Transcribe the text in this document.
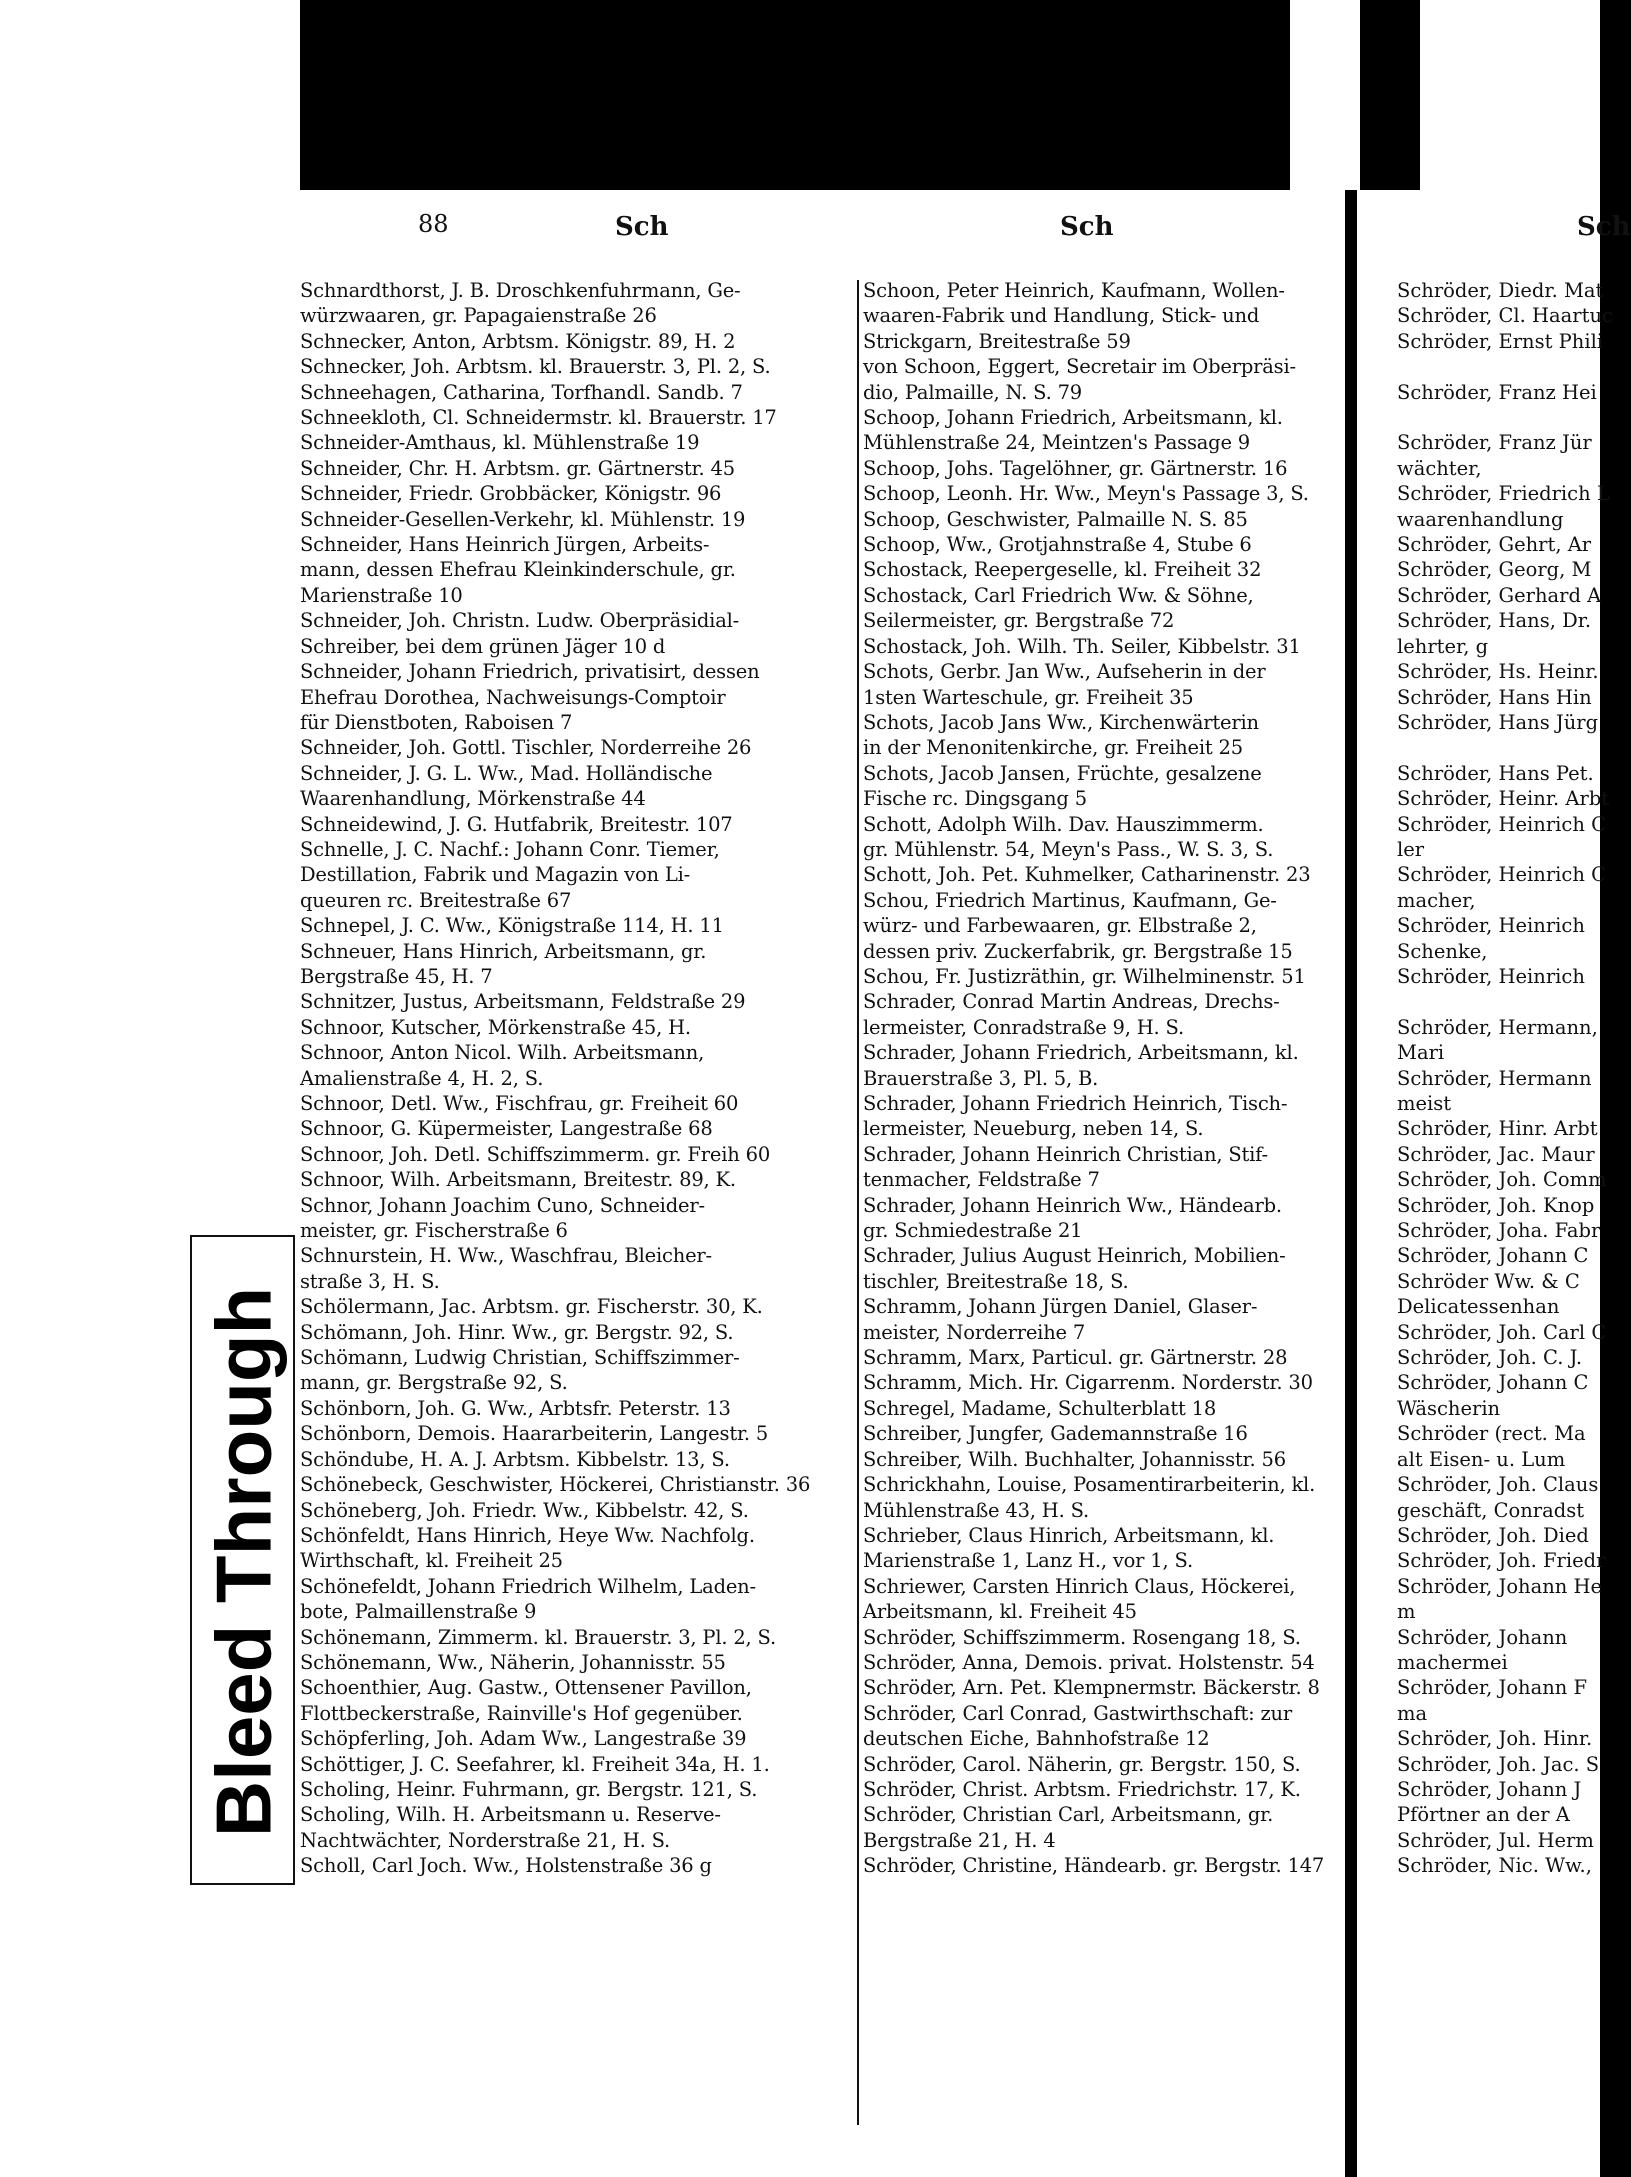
Bleed Through
88	Sch	Sch
Schnardthorst, J. B. Droschkenfuhrmann, Ge-
würzwaaren, gr. Papagaienstraße 26
Schnecker, Anton, Arbtsm. Königstr. 89, H. 2
Schnecker, Joh. Arbtsm. kl. Brauerstr. 3, Pl. 2, S.
Schneehagen, Catharina, Torfhandl. Sandb. 7
Schneekloth, Cl. Schneidermstr. kl. Brauerstr. 17
Schneider-Amthaus, kl. Mühlenstraße 19
Schneider, Chr. H. Arbtsm. gr. Gärtnerstr. 45
Schneider, Friedr. Grobbäcker, Königstr. 96
Schneider-Gesellen-Verkehr, kl. Mühlenstr. 19
Schneider, Hans Heinrich Jürgen, Arbeits-
mann, dessen Ehefrau Kleinkinderschule, gr.
Marienstraße 10
Schneider, Joh. Christn. Ludw. Oberpräsidial-
Schreiber, bei dem grünen Jäger 10 d
Schneider, Johann Friedrich, privatisirt, dessen
Ehefrau Dorothea, Nachweisungs-Comptoir
für Dienstboten, Raboisen 7
Schneider, Joh. Gottl. Tischler, Norderreihe 26
Schneider, J. G. L. Ww., Mad. Holländische
Waarenhandlung, Mörkenstraße 44
Schneidewind, J. G. Hutfabrik, Breitestr. 107
Schnelle, J. C. Nachf.: Johann Conr. Tiemer,
Destillation, Fabrik und Magazin von Li-
queuren rc. Breitestraße 67
Schnepel, J. C. Ww., Königstraße 114, H. 11
Schneuer, Hans Hinrich, Arbeitsmann, gr.
Bergstraße 45, H. 7
Schnitzer, Justus, Arbeitsmann, Feldstraße 29
Schnoor, Kutscher, Mörkenstraße 45, H.
Schnoor, Anton Nicol. Wilh. Arbeitsmann,
Amalienstraße 4, H. 2, S.
Schnoor, Detl. Ww., Fischfrau, gr. Freiheit 60
Schnoor, G. Küpermeister, Langestraße 68
Schnoor, Joh. Detl. Schiffszimmerm. gr. Freih 60
Schnoor, Wilh. Arbeitsmann, Breitestr. 89, K.
Schnor, Johann Joachim Cuno, Schneider-
meister, gr. Fischerstraße 6
Schnurstein, H. Ww., Waschfrau, Bleicher-
straße 3, H. S.
Schölermann, Jac. Arbtsm. gr. Fischerstr. 30, K.
Schömann, Joh. Hinr. Ww., gr. Bergstr. 92, S.
Schömann, Ludwig Christian, Schiffszimmer-
mann, gr. Bergstraße 92, S.
Schönborn, Joh. G. Ww., Arbtsfr. Peterstr. 13
Schönborn, Demois. Haararbeiterin, Langestr. 5
Schöndube, H. A. J. Arbtsm. Kibbelstr. 13, S.
Schönebeck, Geschwister, Höckerei, Christianstr. 36
Schöneberg, Joh. Friedr. Ww., Kibbelstr. 42, S.
Schönfeldt, Hans Hinrich, Heye Ww. Nachfolg.
Wirthschaft, kl. Freiheit 25
Schönefeldt, Johann Friedrich Wilhelm, Laden-
bote, Palmaillenstraße 9
Schönemann, Zimmerm. kl. Brauerstr. 3, Pl. 2, S.
Schönemann, Ww., Näherin, Johannisstr. 55
Schoenthier, Aug. Gastw., Ottensener Pavillon,
Flottbeckerstraße, Rainville's Hof gegenüber.
Schöpferling, Joh. Adam Ww., Langestraße 39
Schöttiger, J. C. Seefahrer, kl. Freiheit 34a, H. 1.
Scholing, Heinr. Fuhrmann, gr. Bergstr. 121, S.
Scholing, Wilh. H. Arbeitsmann u. Reserve-
Nachtwächter, Norderstraße 21, H. S.
Scholl, Carl Joch. Ww., Holstenstraße 36 g
Schoon, Peter Heinrich, Kaufmann, Wollen-
waaren-Fabrik und Handlung, Stick- und
Strickgarn, Breitestraße 59
von Schoon, Eggert, Secretair im Oberpräsi-
dio, Palmaille, N. S. 79
Schoop, Johann Friedrich, Arbeitsmann, kl.
Mühlenstraße 24, Meintzen's Passage 9
Schoop, Johs. Tagelöhner, gr. Gärtnerstr. 16
Schoop, Leonh. Hr. Ww., Meyn's Passage 3, S.
Schoop, Geschwister, Palmaille N. S. 85
Schoop, Ww., Grotjahnstraße 4, Stube 6
Schostack, Reepergeselle, kl. Freiheit 32
Schostack, Carl Friedrich Ww. & Söhne,
Seilermeister, gr. Bergstraße 72
Schostack, Joh. Wilh. Th. Seiler, Kibbelstr. 31
Schots, Gerbr. Jan Ww., Aufseherin in der
1sten Warteschule, gr. Freiheit 35
Schots, Jacob Jans Ww., Kirchenwärterin
in der Menonitenkirche, gr. Freiheit 25
Schots, Jacob Jansen, Früchte, gesalzene
Fische rc. Dingsgang 5
Schott, Adolph Wilh. Dav. Hauszimmerm.
gr. Mühlenstr. 54, Meyn's Pass., W. S. 3, S.
Schott, Joh. Pet. Kuhmelker, Catharinenstr. 23
Schou, Friedrich Martinus, Kaufmann, Ge-
würz- und Farbewaaren, gr. Elbstraße 2,
dessen priv. Zuckerfabrik, gr. Bergstraße 15
Schou, Fr. Justizräthin, gr. Wilhelminenstr. 51
Schrader, Conrad Martin Andreas, Drechs-
lermeister, Conradstraße 9, H. S.
Schrader, Johann Friedrich, Arbeitsmann, kl.
Brauerstraße 3, Pl. 5, B.
Schrader, Johann Friedrich Heinrich, Tisch-
lermeister, Neueburg, neben 14, S.
Schrader, Johann Heinrich Christian, Stif-
tenmacher, Feldstraße 7
Schrader, Johann Heinrich Ww., Händearb.
gr. Schmiedestraße 21
Schrader, Julius August Heinrich, Mobilien-
tischler, Breitestraße 18, S.
Schramm, Johann Jürgen Daniel, Glaser-
meister, Norderreihe 7
Schramm, Marx, Particul. gr. Gärtnerstr. 28
Schramm, Mich. Hr. Cigarrenm. Norderstr. 30
Schregel, Madame, Schulterblatt 18
Schreiber, Jungfer, Gademannstraße 16
Schreiber, Wilh. Buchhalter, Johannisstr. 56
Schrickhahn, Louise, Posamentirarbeiterin, kl.
Mühlenstraße 43, H. S.
Schrieber, Claus Hinrich, Arbeitsmann, kl.
Marienstraße 1, Lanz H., vor 1, S.
Schriewer, Carsten Hinrich Claus, Höckerei,
Arbeitsmann, kl. Freiheit 45
Schröder, Schiffszimmerm. Rosengang 18, S.
Schröder, Anna, Demois. privat. Holstenstr. 54
Schröder, Arn. Pet. Klempnermstr. Bäckerstr. 8
Schröder, Carl Conrad, Gastwirthschaft: zur
deutschen Eiche, Bahnhofstraße 12
Schröder, Carol. Näherin, gr. Bergstr. 150, S.
Schröder, Christ. Arbtsm. Friedrichstr. 17, K.
Schröder, Christian Carl, Arbeitsmann, gr.
Bergstraße 21, H. 4
Schröder, Christine, Händearb. gr. Bergstr. 147
Sch
Schröder, Diedr. Mat
Schröder, Cl. Haartuc
Schröder, Ernst Phili

Schröder, Franz Hei

Schröder, Franz Jür
wächter,
Schröder, Friedrich L
waarenhandlung
Schröder, Gehrt, Ar
Schröder, Georg, M
Schröder, Gerhard A
Schröder, Hans, Dr.
lehrter, g
Schröder, Hs. Heinr.
Schröder, Hans Hin
Schröder, Hans Jürg

Schröder, Hans Pet.
Schröder, Heinr. Arbt
Schröder, Heinrich C
ler
Schröder, Heinrich C
macher,
Schröder, Heinrich
Schenke,
Schröder, Heinrich

Schröder, Hermann,
Mari
Schröder, Hermann
meist
Schröder, Hinr. Arbt
Schröder, Jac. Maur
Schröder, Joh. Comm
Schröder, Joh. Knop
Schröder, Joha. Fabr
Schröder, Johann C
Schröder Ww. & C
Delicatessenhan
Schröder, Joh. Carl C
Schröder, Joh. C. J.
Schröder, Johann C
Wäscherin
Schröder (rect. Ma
alt Eisen- u. Lum
Schröder, Joh. Claus
geschäft, Conradst
Schröder, Joh. Died
Schröder, Joh. Friedr
Schröder, Johann He
m
Schröder, Johann
machermei
Schröder, Johann F
ma
Schröder, Joh. Hinr.
Schröder, Joh. Jac. S
Schröder, Johann J
Pförtner an der A
Schröder, Jul. Herm
Schröder, Nic. Ww.,
